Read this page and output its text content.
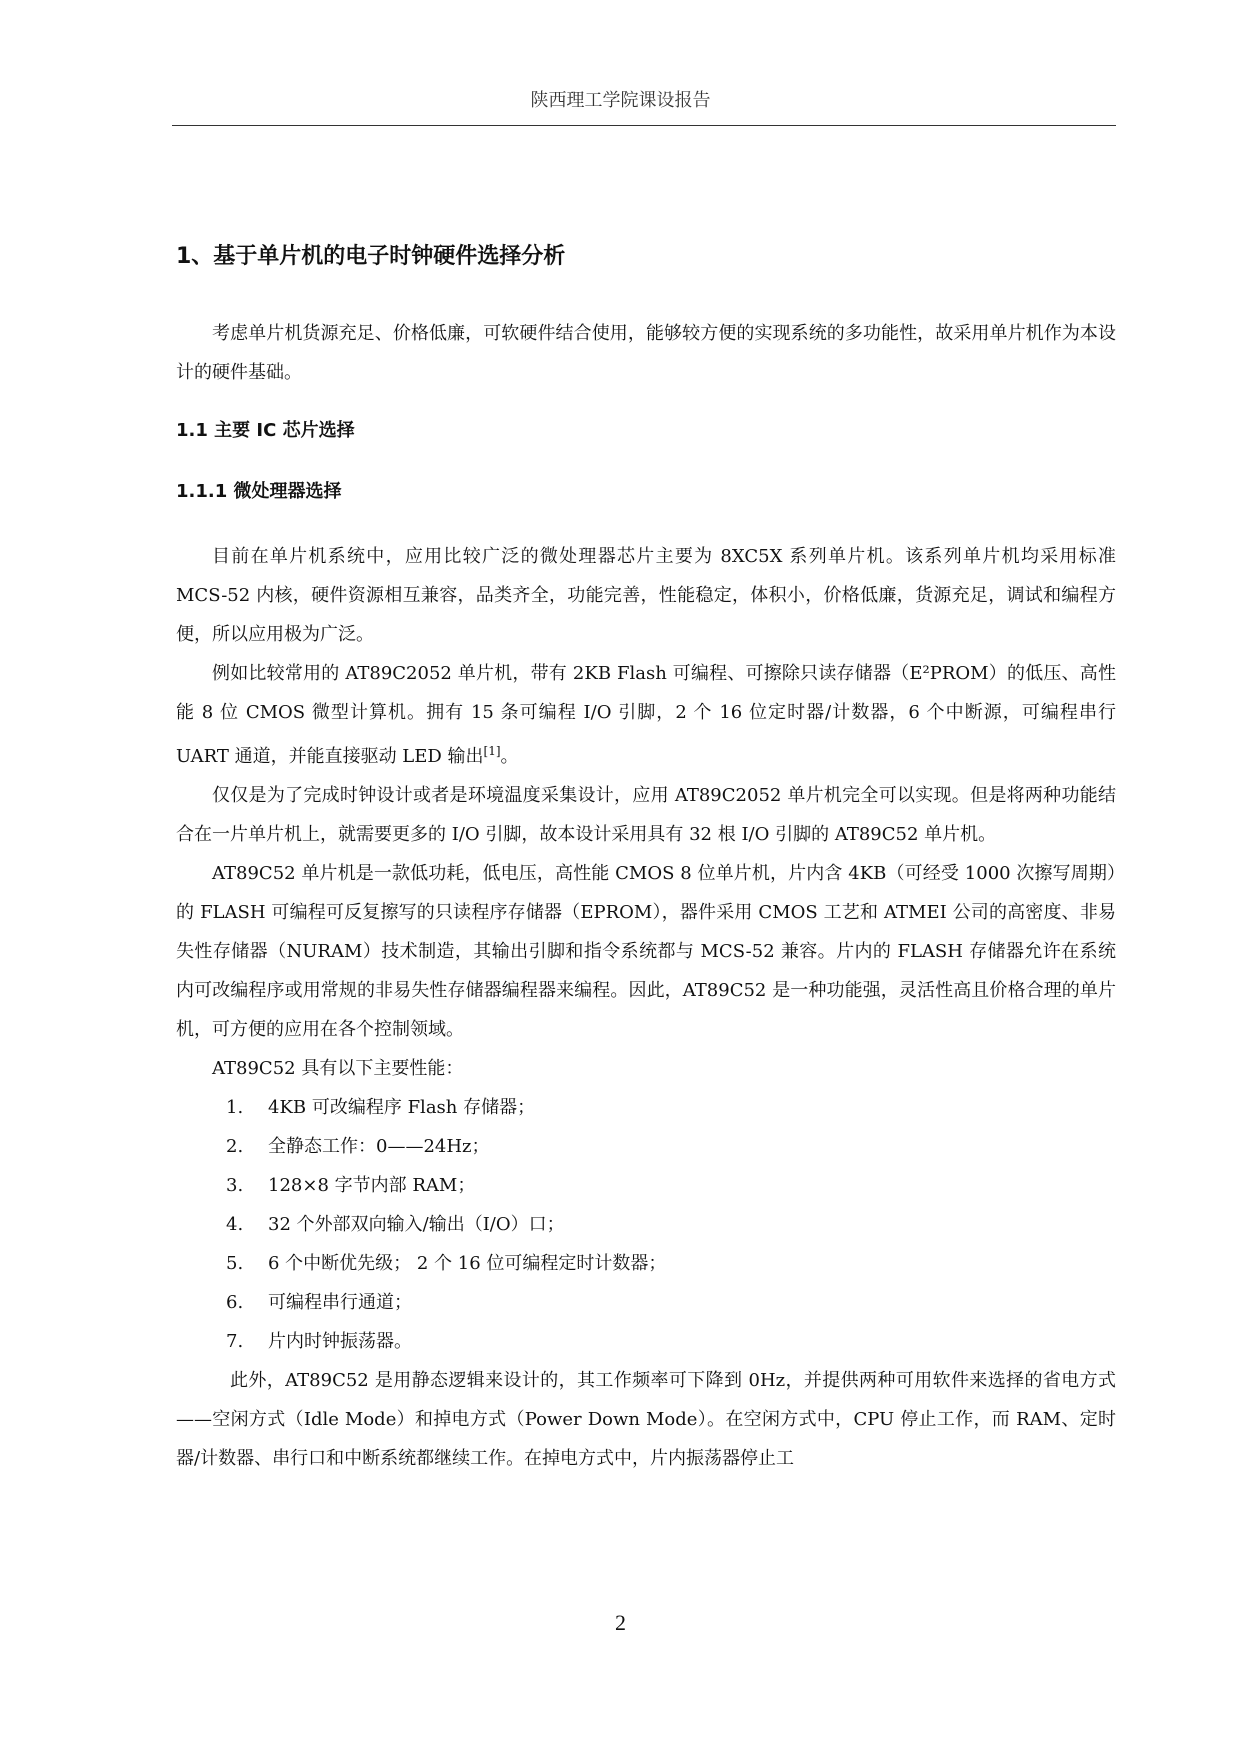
陕西理工学院课设报告
1、基于单片机的电子时钟硬件选择分析

考虑单片机货源充足、价格低廉，可软硬件结合使用，能够较方便的实现系统的多功能性，故采用单片机作为本设计的硬件基础。

1.1 主要 IC 芯片选择
1.1.1 微处理器选择

目前在单片机系统中，应用比较广泛的微处理器芯片主要为 8XC5X 系列单片机。该系列单片机均采用标准 MCS-52 内核，硬件资源相互兼容，品类齐全，功能完善，性能稳定，体积小，价格低廉，货源充足，调试和编程方便，所以应用极为广泛。

例如比较常用的 AT89C2052 单片机，带有 2KB Flash 可编程、可擦除只读存储器（E²PROM）的低压、高性能 8 位 CMOS 微型计算机。拥有 15 条可编程 I/O 引脚，2 个 16 位定时器/计数器，6 个中断源，可编程串行 UART 通道，并能直接驱动 LED 输出[1]。

仅仅是为了完成时钟设计或者是环境温度采集设计，应用 AT89C2052 单片机完全可以实现。但是将两种功能结合在一片单片机上，就需要更多的 I/O 引脚，故本设计采用具有 32 根 I/O 引脚的 AT89C52 单片机。

AT89C52 单片机是一款低功耗，低电压，高性能 CMOS 8 位单片机，片内含 4KB（可经受 1000 次擦写周期）的 FLASH 可编程可反复擦写的只读程序存储器（EPROM），器件采用 CMOS 工艺和 ATMEI 公司的高密度、非易失性存储器（NURAM）技术制造，其输出引脚和指令系统都与 MCS-52 兼容。片内的 FLASH 存储器允许在系统内可改编程序或用常规的非易失性存储器编程器来编程。因此，AT89C52 是一种功能强，灵活性高且价格合理的单片机，可方便的应用在各个控制领域。

AT89C52 具有以下主要性能：

1.	4KB 可改编程序 Flash 存储器；
2.	全静态工作：0——24Hz；
3.	128×8 字节内部 RAM；
4.	32 个外部双向输入/输出（I/O）口；
5.	6 个中断优先级； 2 个 16 位可编程定时计数器；
6.	可编程串行通道；
7.	片内时钟振荡器。

此外，AT89C52 是用静态逻辑来设计的，其工作频率可下降到 0Hz，并提供两种可用软件来选择的省电方式——空闲方式（Idle Mode）和掉电方式（Power Down Mode）。在空闲方式中，CPU 停止工作，而 RAM、定时器/计数器、串行口和中断系统都继续工作。在掉电方式中，片内振荡器停止工

2
